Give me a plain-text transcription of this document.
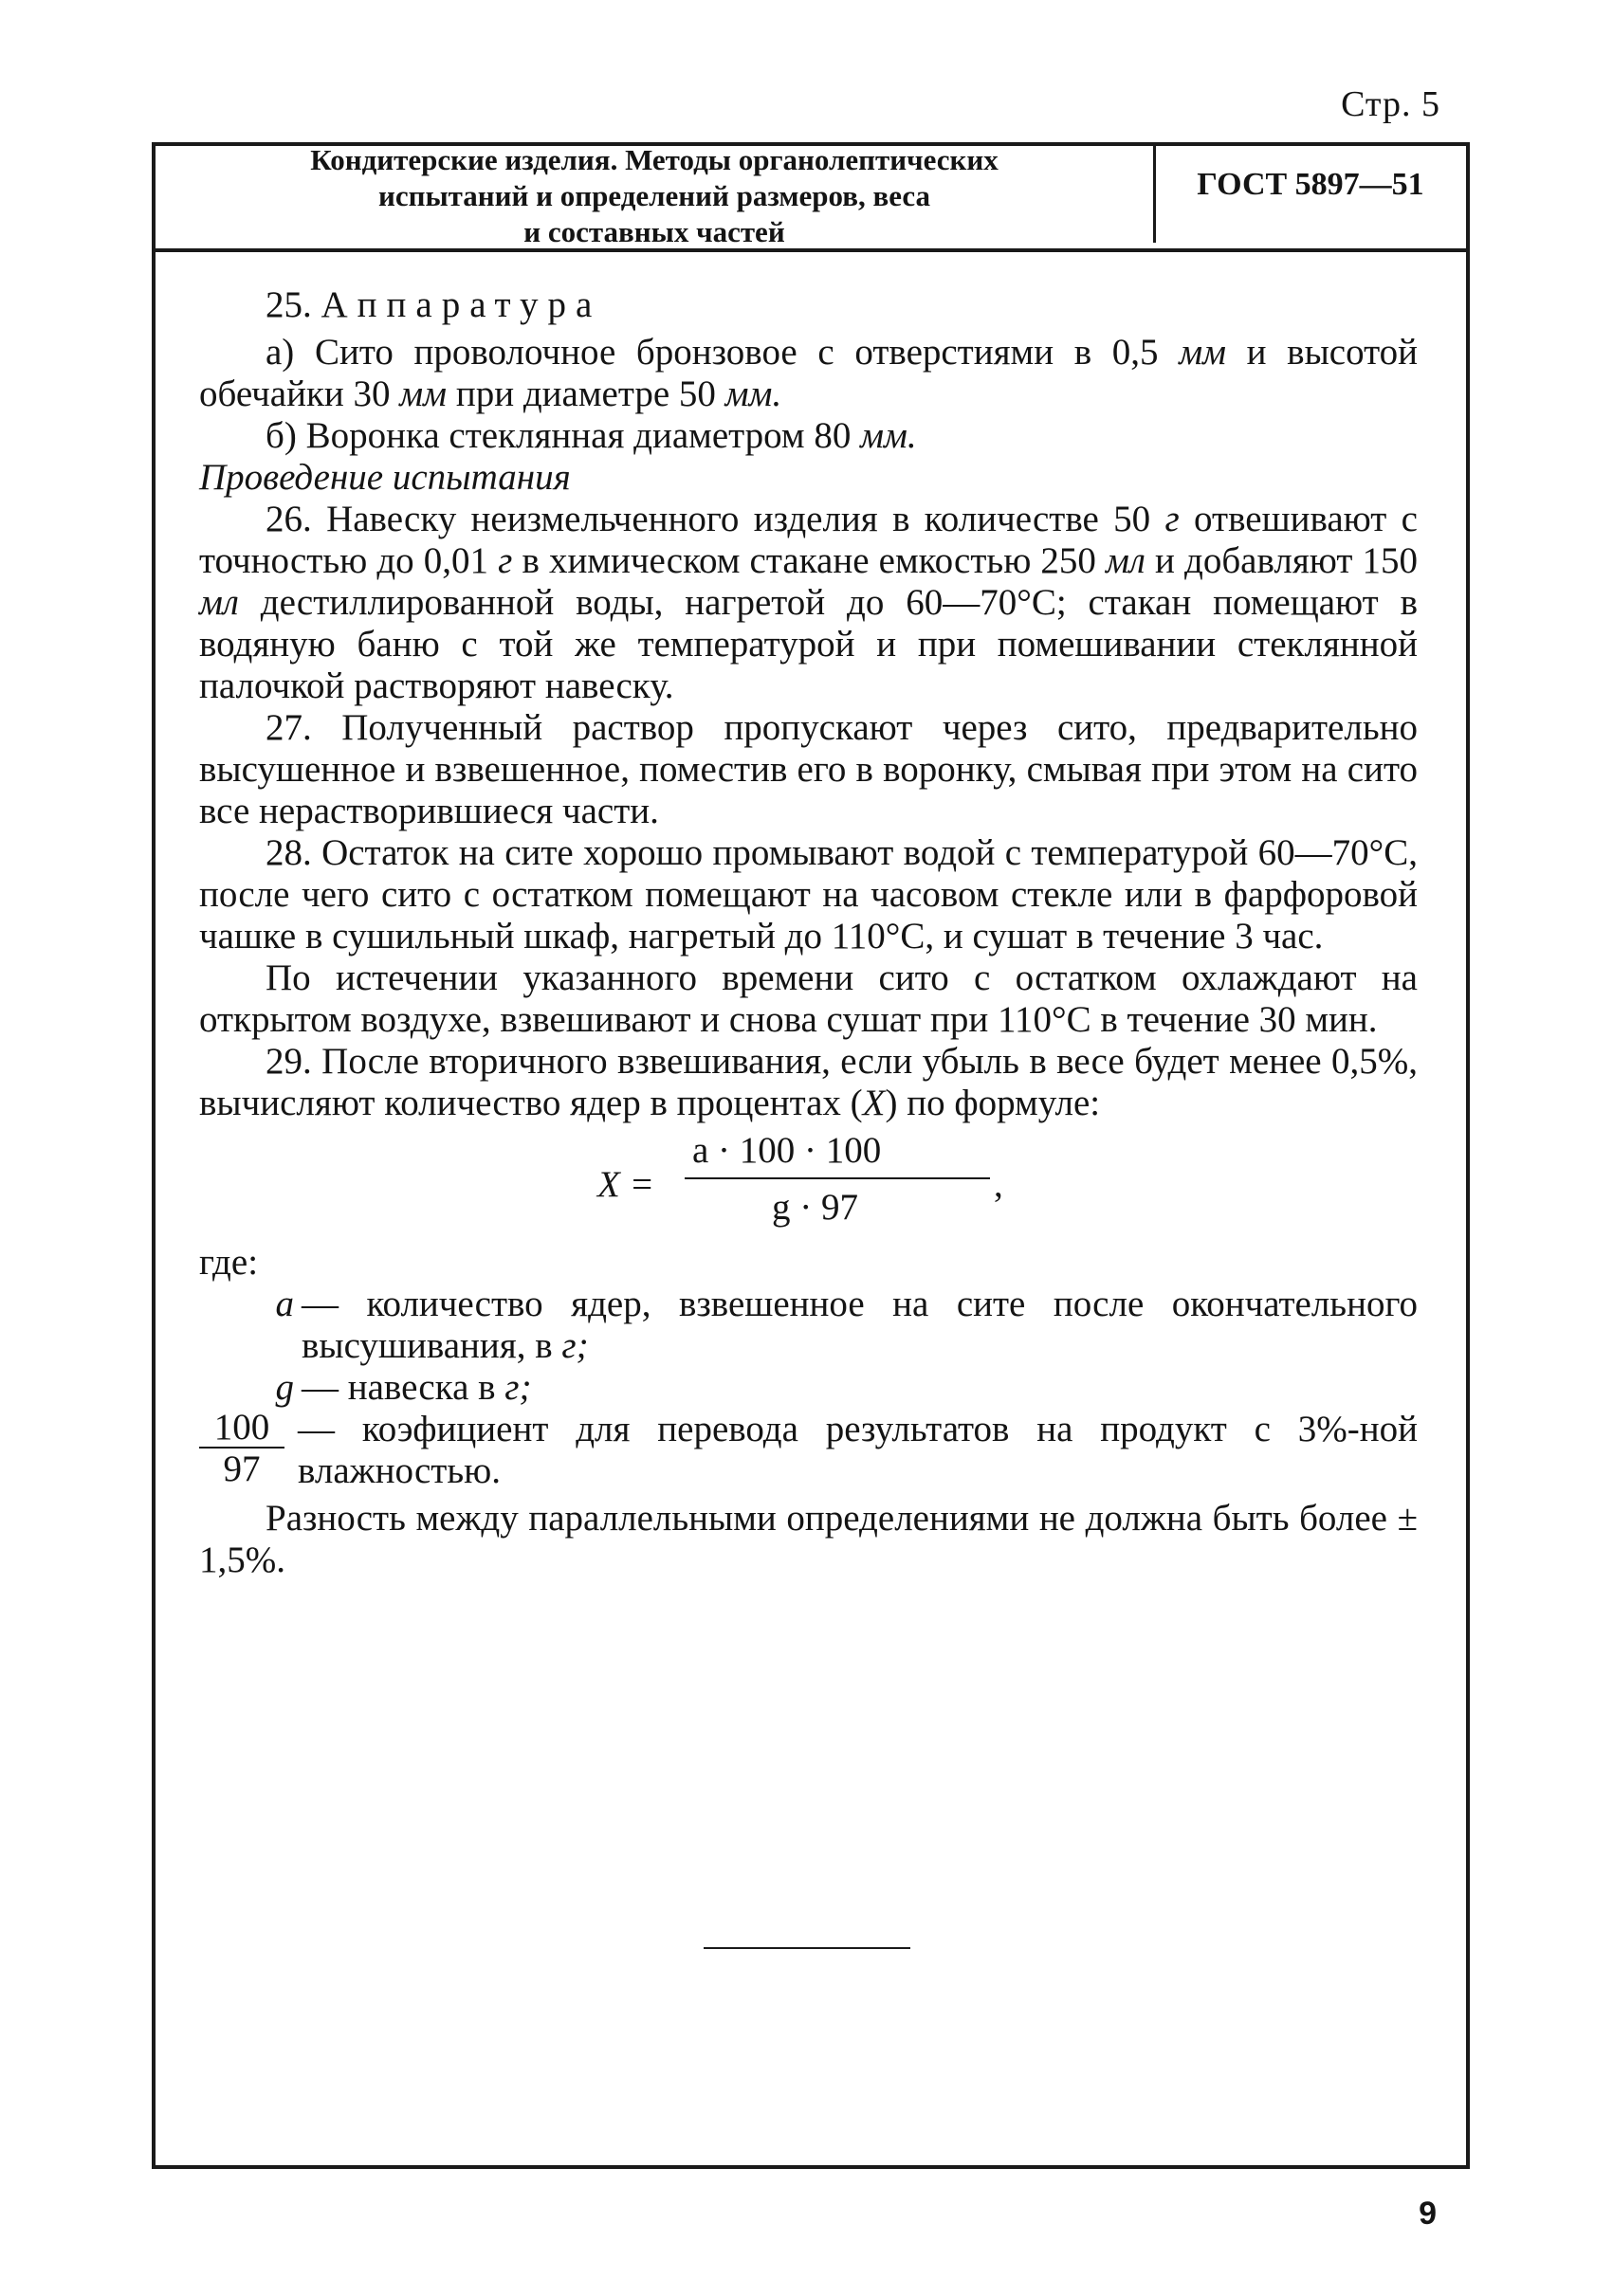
Стр. 5
Кондитерские изделия. Методы органолептических
испытаний и определений размеров, веса
и составных частей
ГОСТ 5897—51

25. Аппаратура

а) Сито проволочное бронзовое с отверстиями в 0,5 мм и высотой обечайки 30 мм при диаметре 50 мм.

б) Воронка стеклянная диаметром 80 мм.

Проведение испытания

26. Навеску неизмельченного изделия в количестве 50 г отвешивают с точностью до 0,01 г в химическом стакане емкостью 250 мл и добавляют 150 мл дестиллированной воды, нагретой до 60—70°С; стакан помещают в водяную баню с той же температурой и при помешивании стеклянной палочкой растворяют навеску.

27. Полученный раствор пропускают через сито, предварительно высушенное и взвешенное, поместив его в воронку, смывая при этом на сито все нерастворившиеся части.

28. Остаток на сите хорошо промывают водой с температурой 60—70°С, после чего сито с остатком помещают на часовом стекле или в фарфоровой чашке в сушильный шкаф, нагретый до 110°С, и сушат в течение 3 час.

По истечении указанного времени сито с остатком охлаждают на открытом воздухе, взвешивают и снова сушат при 110°С в течение 30 мин.

29. После вторичного взвешивания, если убыль в весе будет менее 0,5%, вычисляют количество ядер в процентах (X) по формуле:

X =
a · 100 · 100
,
g · 97

где:

a — количество ядер, взвешенное на сите после окончательного высушивания, в г;
g — навеска в г;
$\frac{100}{97}$ — коэфициент для перевода результатов на продукт с 3%-ной влажностью.

Разность между параллельными определениями не должна быть более ± 1,5%.

9
